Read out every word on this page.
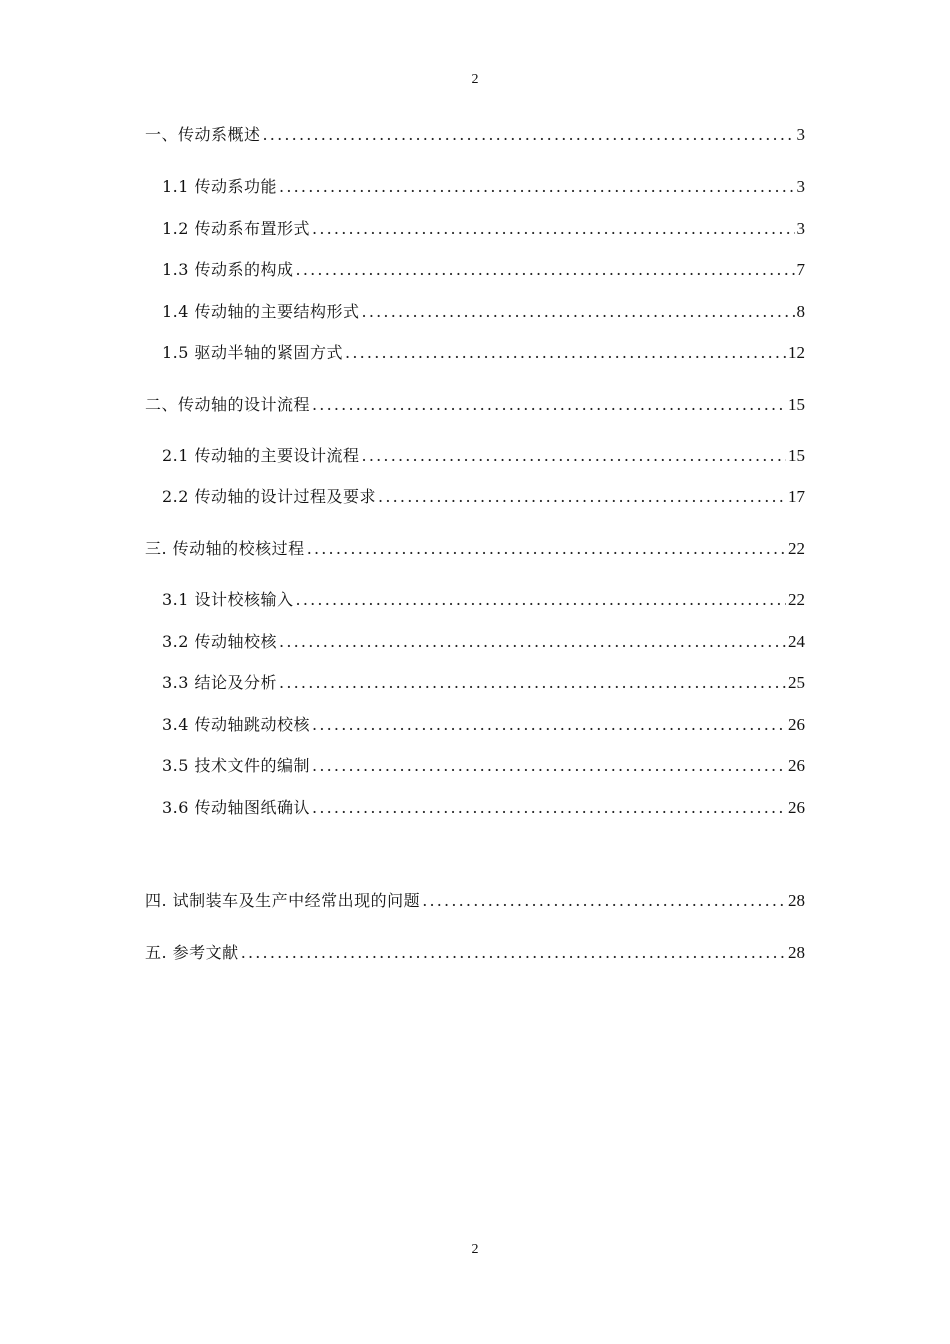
2
一、传动系概述 .....	3
1.1 传动系功能 .....	3
1.2 传动系布置形式 .....	3
1.3 传动系的构成 .....	7
1.4 传动轴的主要结构形式 .....	8
1.5 驱动半轴的紧固方式 .....	12
二、传动轴的设计流程 .....	15
2.1 传动轴的主要设计流程 .....	15
2.2 传动轴的设计过程及要求 .....	17
三. 传动轴的校核过程 .....	22
3.1 设计校核输入 .....	22
3.2 传动轴校核 .....	24
3.3 结论及分析 .....	25
3.4 传动轴跳动校核 .....	26
3.5 技术文件的编制 .....	26
3.6 传动轴图纸确认 .....	26
四. 试制装车及生产中经常出现的问题 .....	28
五. 参考文献 .....	28
2
